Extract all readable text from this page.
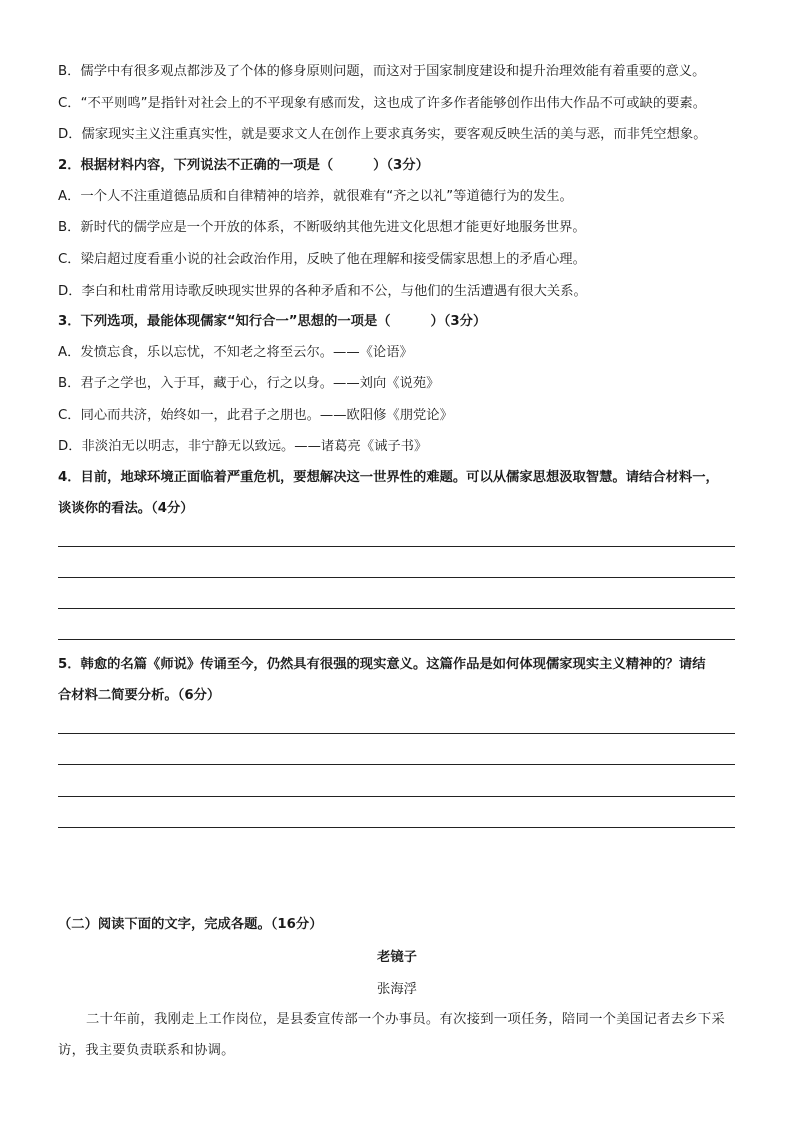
B．儒学中有很多观点都涉及了个体的修身原则问题，而这对于国家制度建设和提升治理效能有着重要的意义。
C．“不平则鸣”是指针对社会上的不平现象有感而发，这也成了许多作者能够创作出伟大作品不可或缺的要素。
D．儒家现实主义注重真实性，就是要求文人在创作上要求真务实，要客观反映生活的美与恶，而非凭空想象。
2．根据材料内容，下列说法不正确的一项是（　　　）（3分）
A．一个人不注重道德品质和自律精神的培养，就很难有“齐之以礼”等道德行为的发生。
B．新时代的儒学应是一个开放的体系，不断吸纳其他先进文化思想才能更好地服务世界。
C．梁启超过度看重小说的社会政治作用，反映了他在理解和接受儒家思想上的矛盾心理。
D．李白和杜甫常用诗歌反映现实世界的各种矛盾和不公，与他们的生活遭遇有很大关系。
3．下列选项，最能体现儒家“知行合一”思想的一项是（　　　）（3分）
A．发愤忘食，乐以忘忧，不知老之将至云尔。——《论语》
B．君子之学也，入于耳，藏于心，行之以身。——刘向《说苑》
C．同心而共济，始终如一，此君子之朋也。——欧阳修《朋党论》
D．非淡泊无以明志，非宁静无以致远。——诸葛亮《诫子书》
4．目前，地球环境正面临着严重危机，要想解决这一世界性的难题。可以从儒家思想汲取智慧。请结合材料一，
谈谈你的看法。（4分）
5．韩愈的名篇《师说》传诵至今，仍然具有很强的现实意义。这篇作品是如何体现儒家现实主义精神的？请结
合材料二简要分析。（6分）
（二）阅读下面的文字，完成各题。（16分）
老镜子
张海浮
二十年前，我刚走上工作岗位，是县委宣传部一个办事员。有次接到一项任务，陪同一个美国记者去乡下采访，我主要负责联系和协调。
